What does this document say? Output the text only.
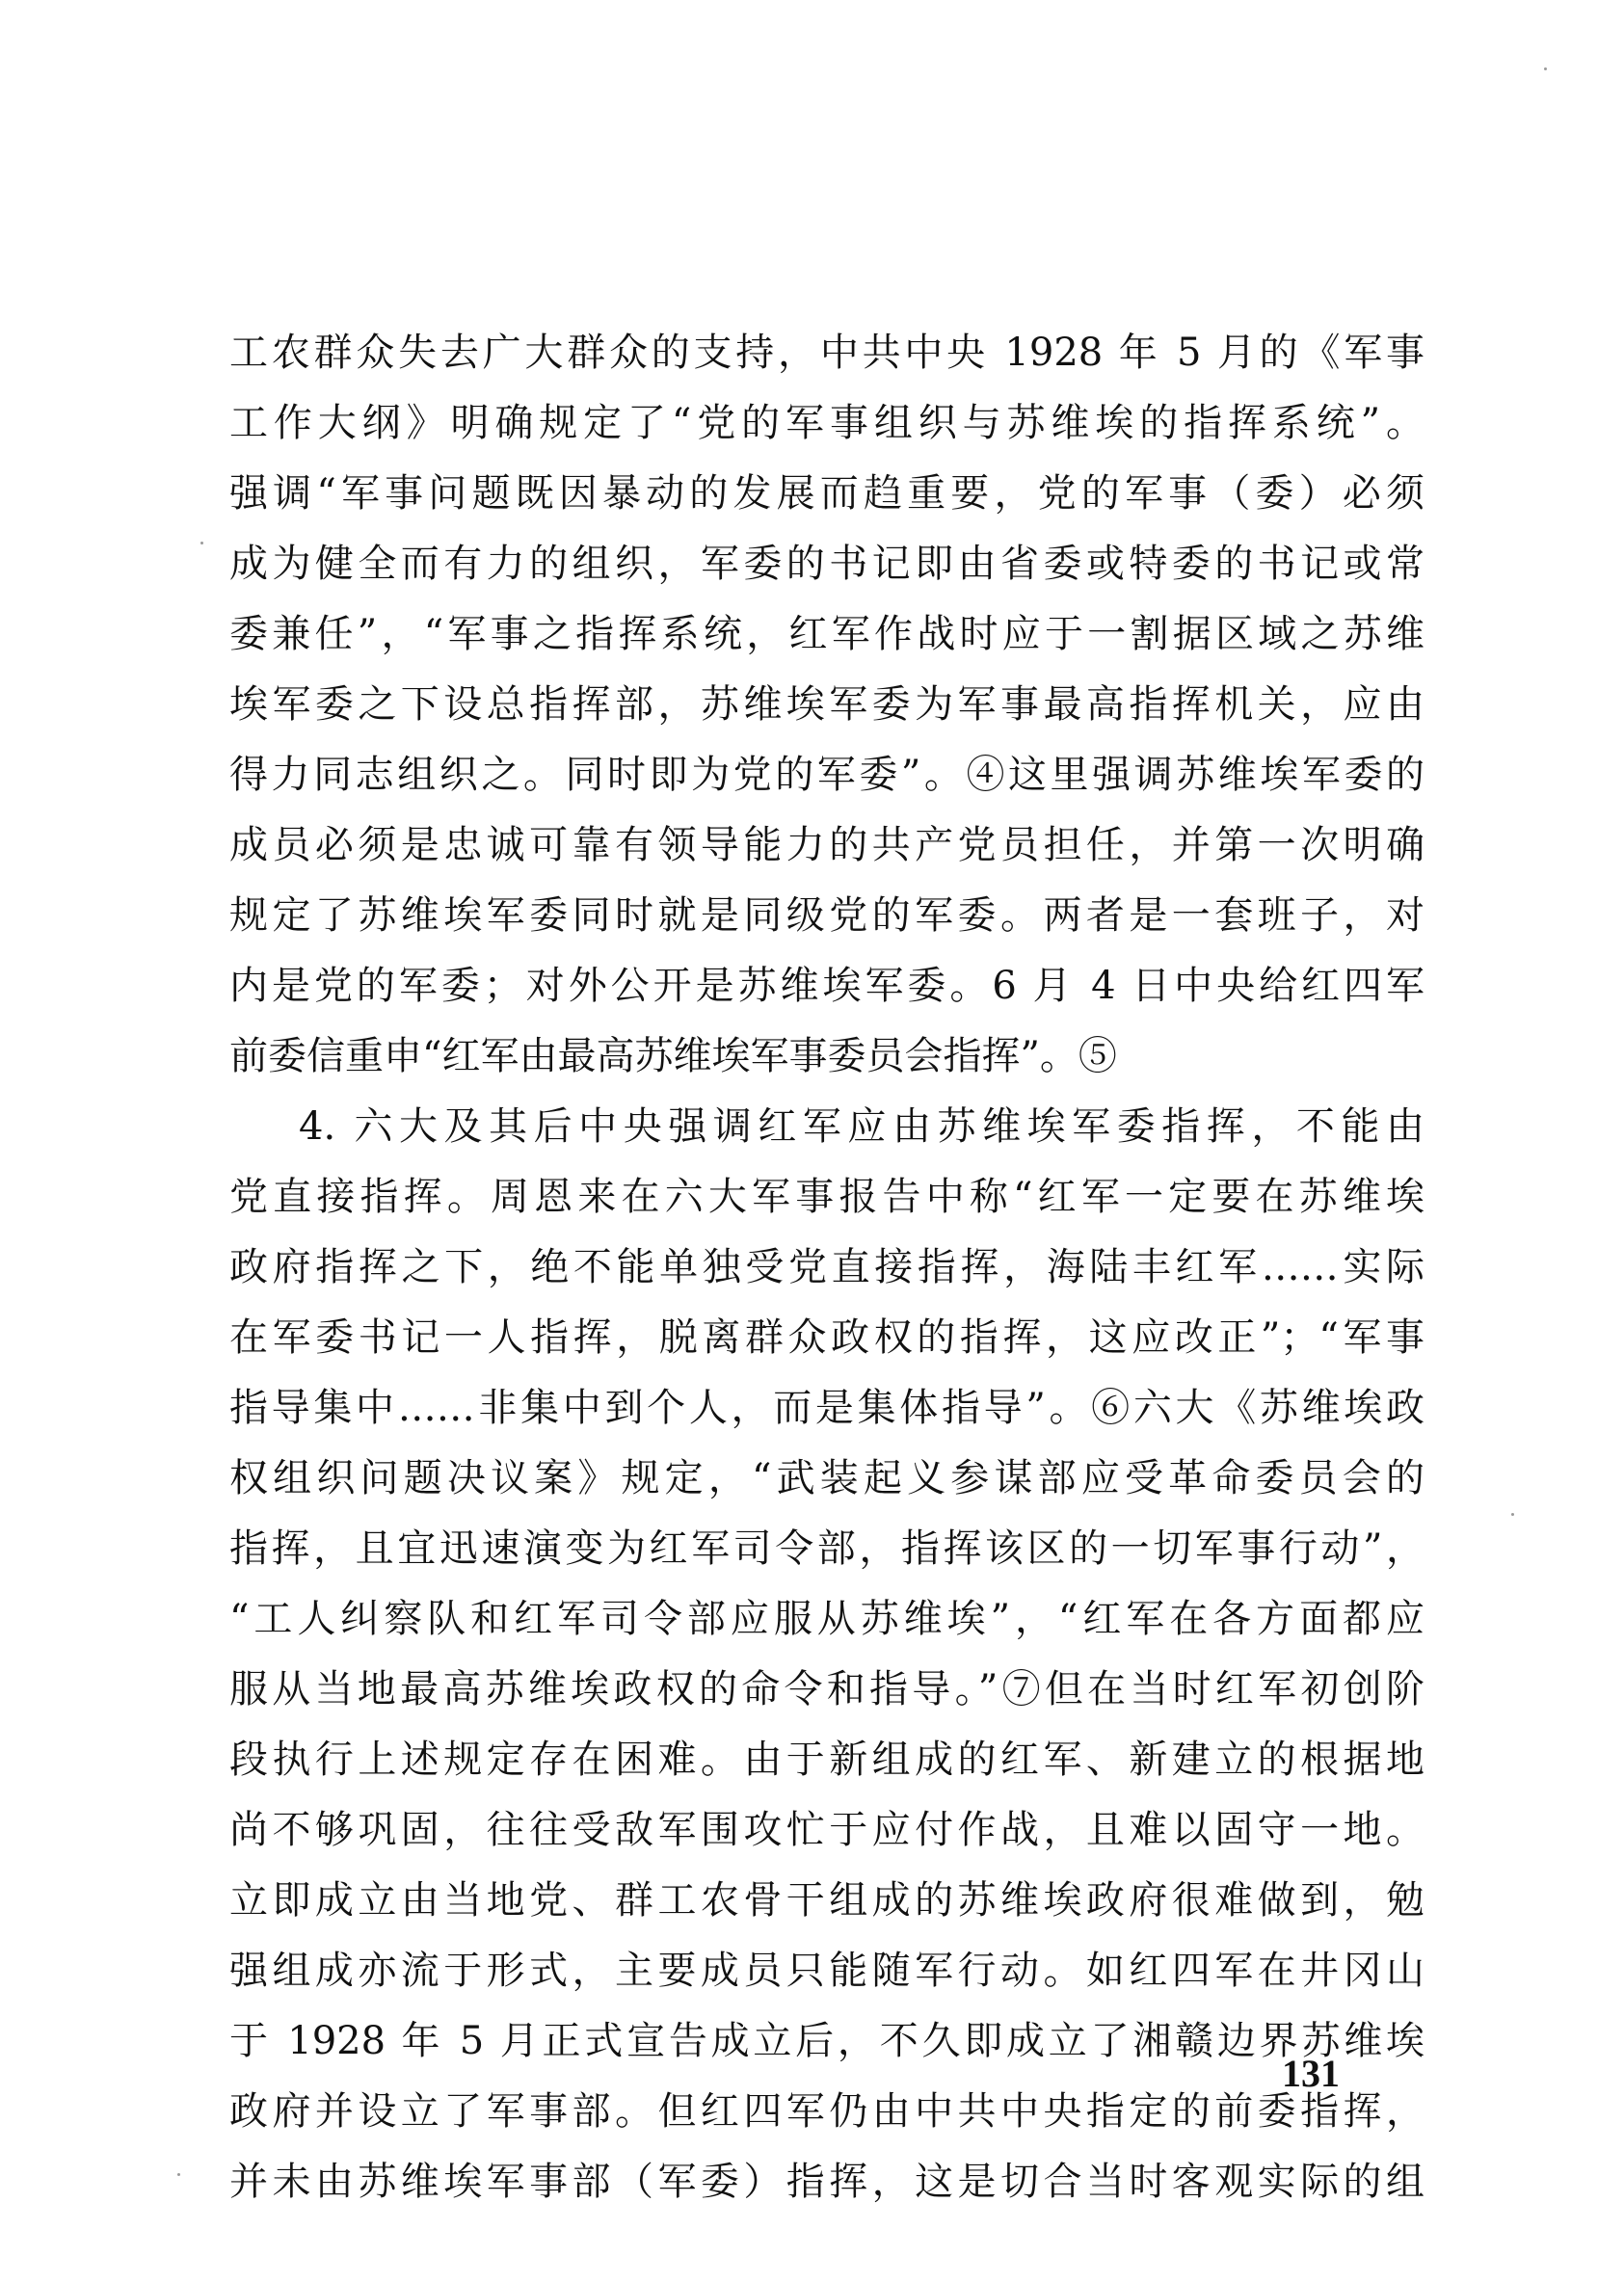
工农群众失去广大群众的支持，中共中央 1928 年 5 月的《军事
工作大纲》明确规定了“党的军事组织与苏维埃的指挥系统”。
强调“军事问题既因暴动的发展而趋重要，党的军事（委）必须
成为健全而有力的组织，军委的书记即由省委或特委的书记或常
委兼任”，“军事之指挥系统，红军作战时应于一割据区域之苏维
埃军委之下设总指挥部，苏维埃军委为军事最高指挥机关，应由
得力同志组织之。同时即为党的军委”。④这里强调苏维埃军委的
成员必须是忠诚可靠有领导能力的共产党员担任，并第一次明确
规定了苏维埃军委同时就是同级党的军委。两者是一套班子，对
内是党的军委；对外公开是苏维埃军委。6 月 4 日中央给红四军
前委信重申“红军由最高苏维埃军事委员会指挥”。⑤
4. 六大及其后中央强调红军应由苏维埃军委指挥，不能由
党直接指挥。周恩来在六大军事报告中称“红军一定要在苏维埃
政府指挥之下，绝不能单独受党直接指挥，海陆丰红军……实际
在军委书记一人指挥，脱离群众政权的指挥，这应改正”；“军事
指导集中……非集中到个人，而是集体指导”。⑥六大《苏维埃政
权组织问题决议案》规定，“武装起义参谋部应受革命委员会的
指挥，且宜迅速演变为红军司令部，指挥该区的一切军事行动”，
“工人纠察队和红军司令部应服从苏维埃”，“红军在各方面都应
服从当地最高苏维埃政权的命令和指导。”⑦但在当时红军初创阶
段执行上述规定存在困难。由于新组成的红军、新建立的根据地
尚不够巩固，往往受敌军围攻忙于应付作战，且难以固守一地。
立即成立由当地党、群工农骨干组成的苏维埃政府很难做到，勉
强组成亦流于形式，主要成员只能随军行动。如红四军在井冈山
于 1928 年 5 月正式宣告成立后，不久即成立了湘赣边界苏维埃
政府并设立了军事部。但红四军仍由中共中央指定的前委指挥，
并未由苏维埃军事部（军委）指挥，这是切合当时客观实际的组
131
